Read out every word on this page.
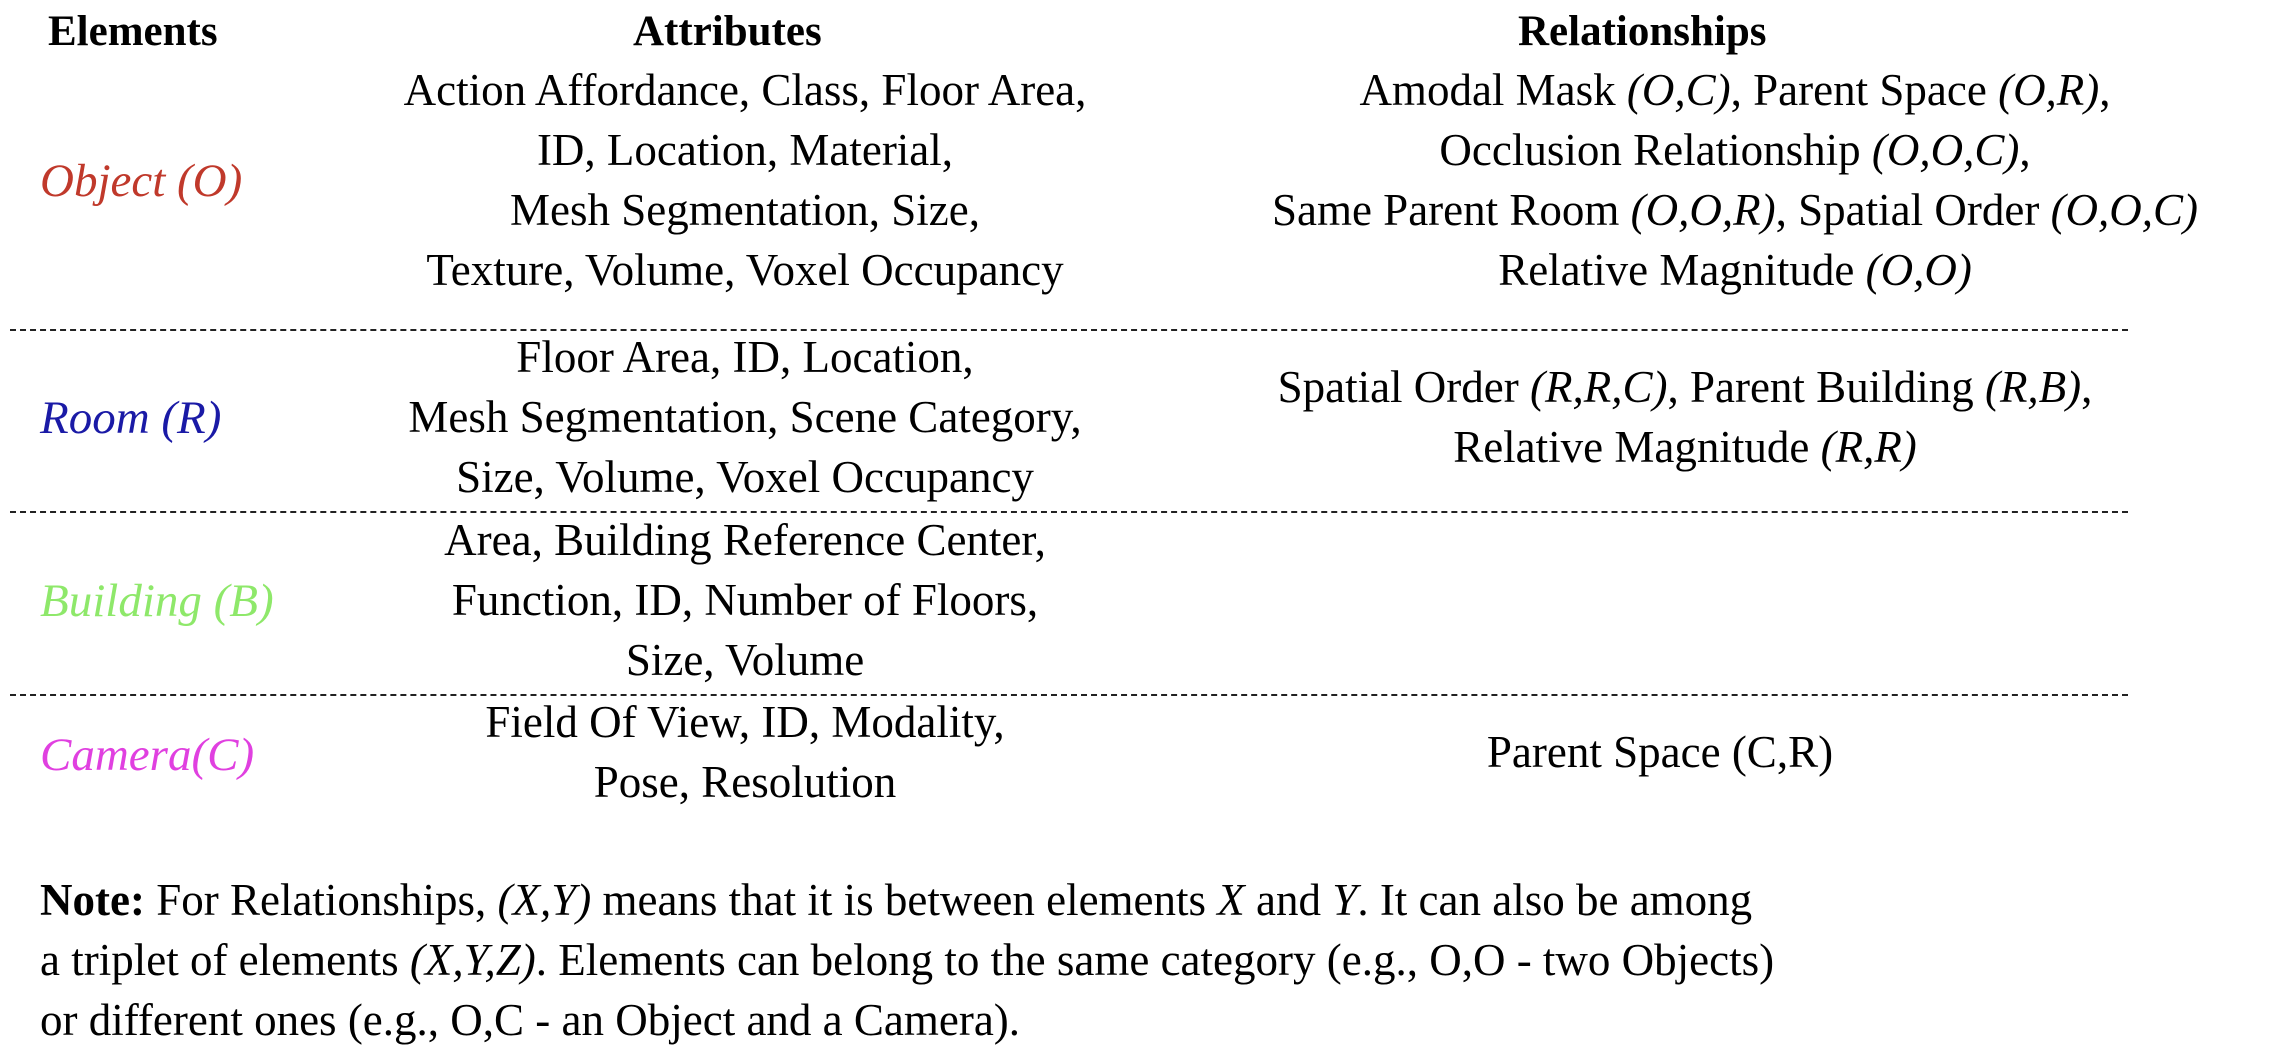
Elements	Attributes	Relationships
Object (O)
Action Affordance, Class, Floor Area,
ID, Location, Material,
Mesh Segmentation, Size,
Texture, Volume, Voxel Occupancy
Amodal Mask (O,C), Parent Space (O,R),
Occlusion Relationship (O,O,C),
Same Parent Room (O,O,R), Spatial Order (O,O,C)
Relative Magnitude (O,O)
Room (R)
Floor Area, ID, Location,
Mesh Segmentation, Scene Category,
Size, Volume, Voxel Occupancy
Spatial Order (R,R,C), Parent Building (R,B),
Relative Magnitude (R,R)
Building (B)
Area, Building Reference Center,
Function, ID, Number of Floors,
Size, Volume
Camera(C)
Field Of View, ID, Modality,
Pose, Resolution
Parent Space (C,R)
Note: For Relationships, (X,Y) means that it is between elements X and Y. It can also be among
a triplet of elements (X,Y,Z). Elements can belong to the same category (e.g., O,O - two Objects)
or different ones (e.g., O,C - an Object and a Camera).
